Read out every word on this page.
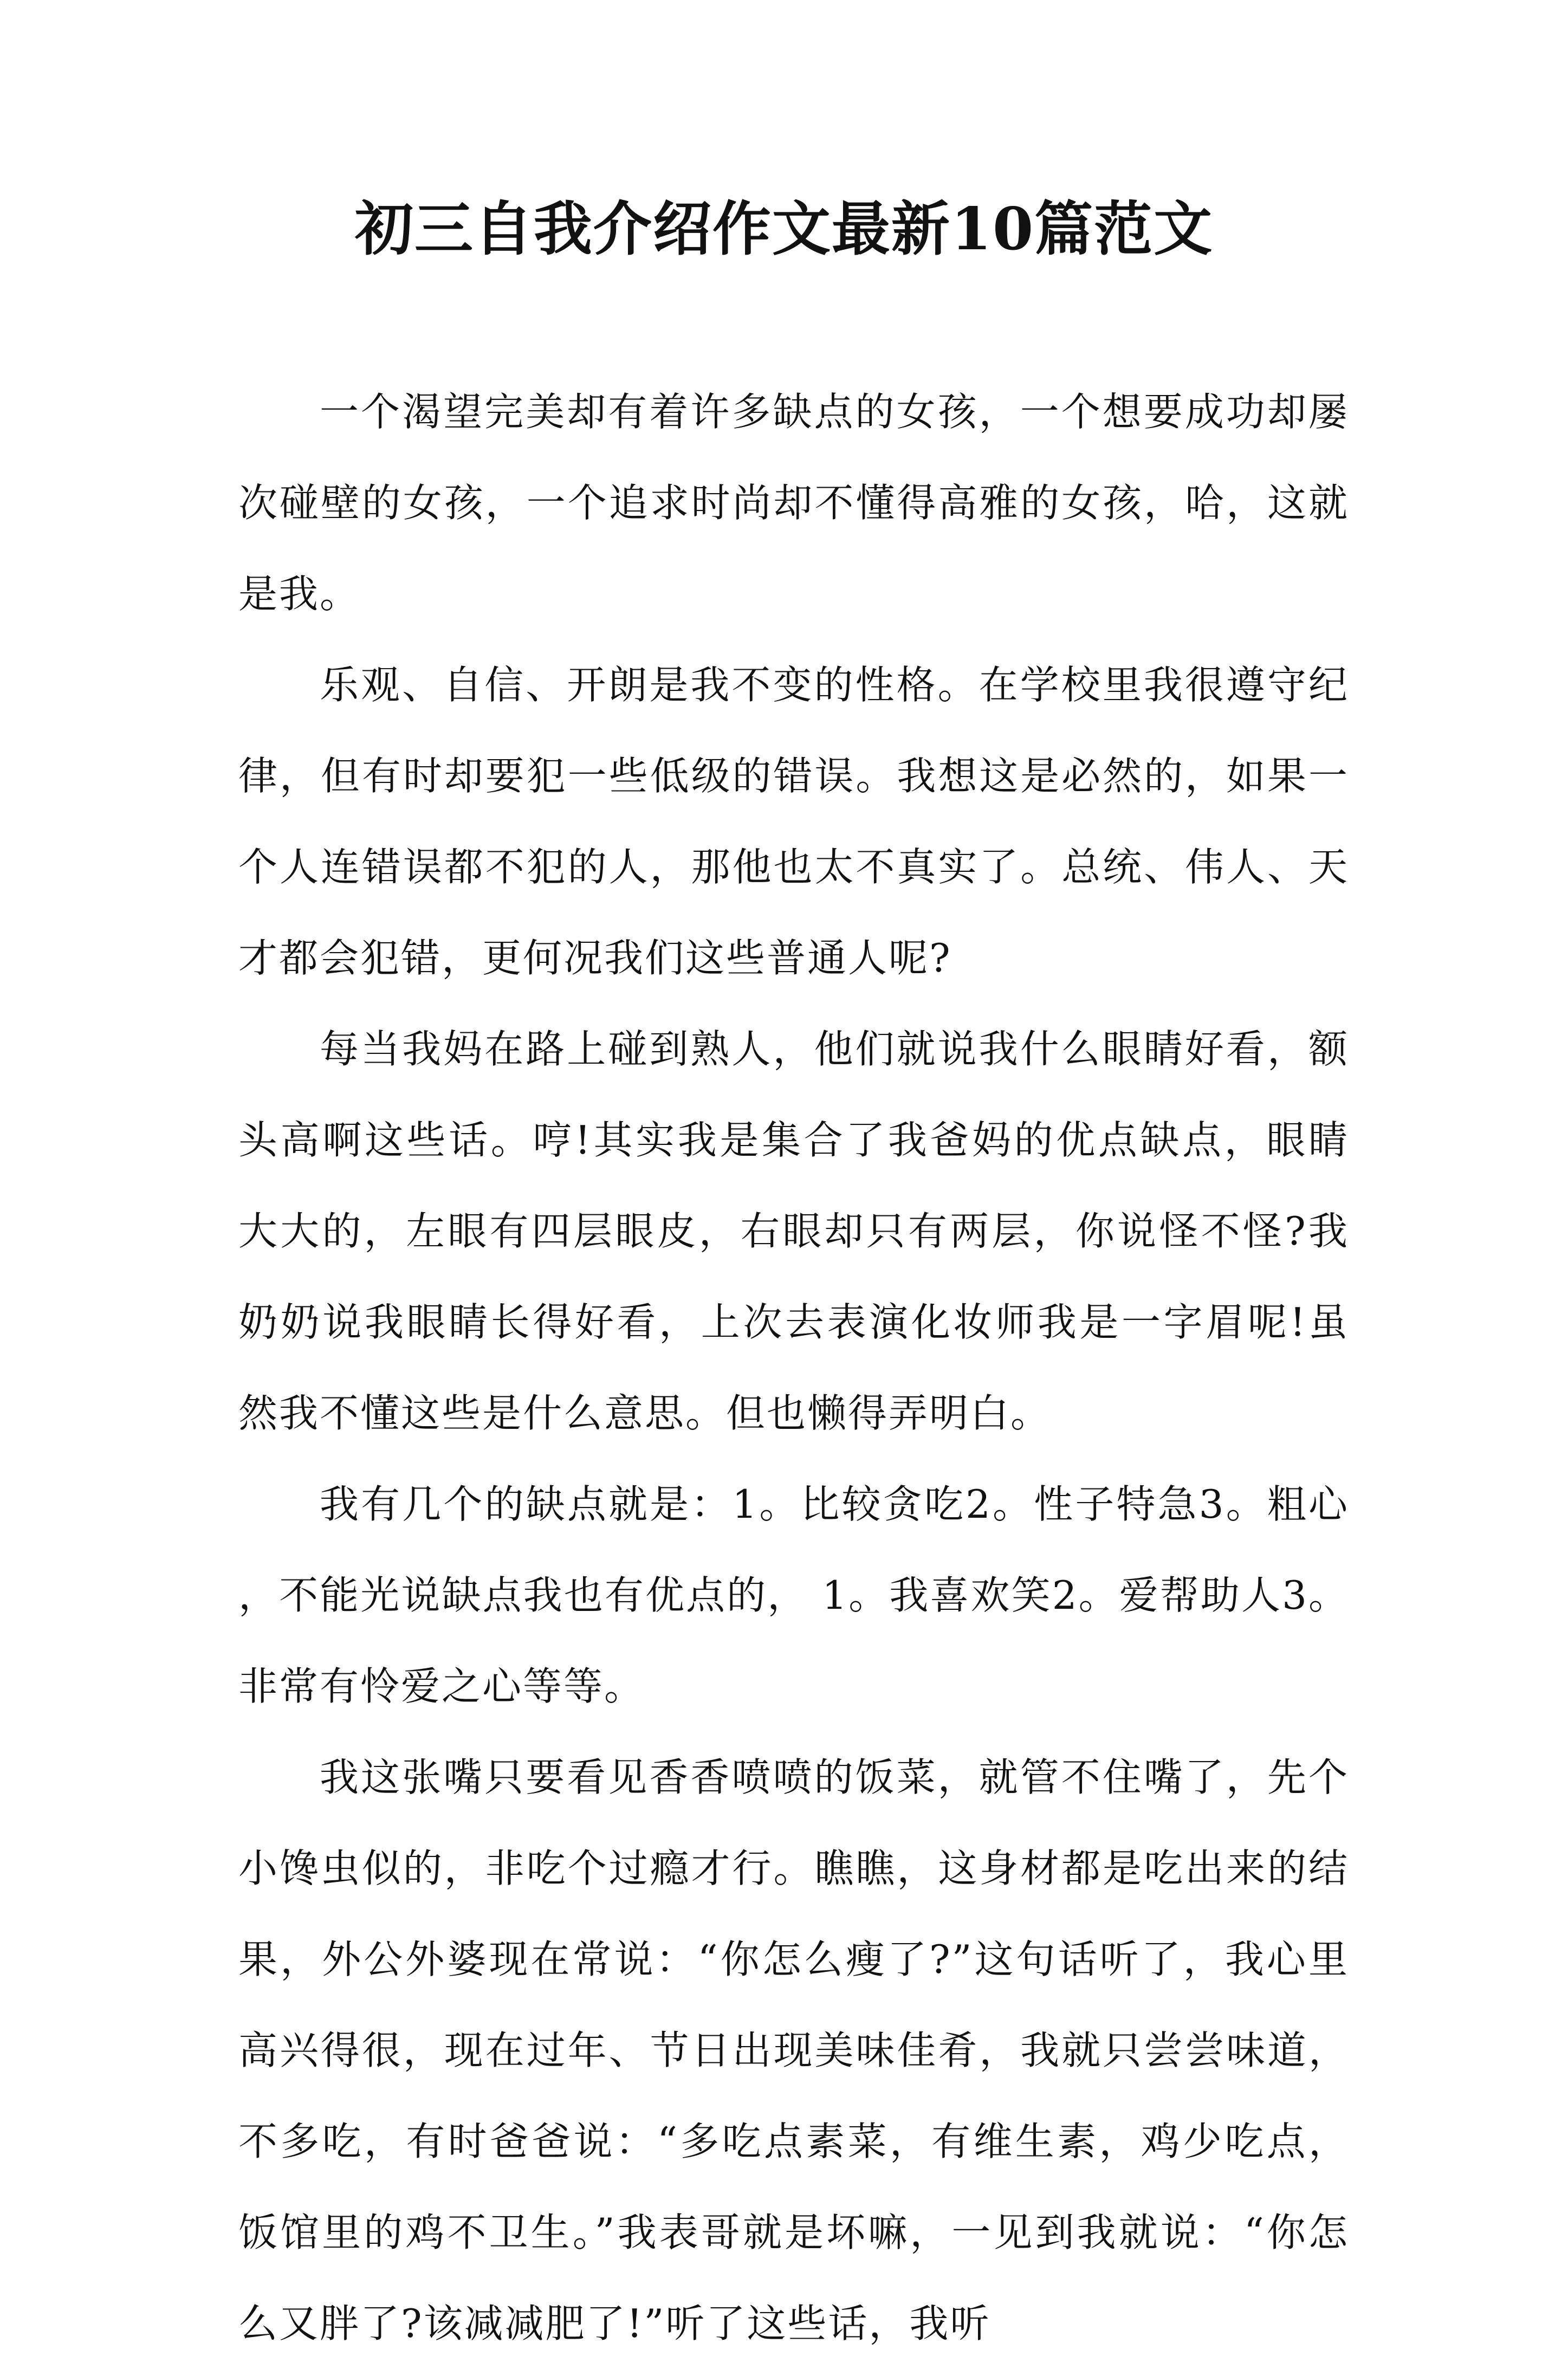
初三自我介绍作文最新10篇范文

一个渴望完美却有着许多缺点的女孩，一个想要成功却屡次碰壁的女孩，一个追求时尚却不懂得高雅的女孩，哈，这就是我。

乐观、自信、开朗是我不变的性格。在学校里我很遵守纪律，但有时却要犯一些低级的错误。我想这是必然的，如果一个人连错误都不犯的人，那他也太不真实了。总统、伟人、天才都会犯错，更何况我们这些普通人呢?

每当我妈在路上碰到熟人，他们就说我什么眼睛好看，额头高啊这些话。哼!其实我是集合了我爸妈的优点缺点，眼睛大大的，左眼有四层眼皮，右眼却只有两层，你说怪不怪?我奶奶说我眼睛长得好看，上次去表演化妆师我是一字眉呢!虽然我不懂这些是什么意思。但也懒得弄明白。

我有几个的缺点就是：1。比较贪吃2。性子特急3。粗心，不能光说缺点我也有优点的， 1。我喜欢笑2。爱帮助人3。非常有怜爱之心等等。

我这张嘴只要看见香香喷喷的饭菜，就管不住嘴了，先个小馋虫似的，非吃个过瘾才行。瞧瞧，这身材都是吃出来的结果，外公外婆现在常说：“你怎么瘦了?”这句话听了，我心里高兴得很，现在过年、节日出现美味佳肴，我就只尝尝味道，不多吃，有时爸爸说：“多吃点素菜，有维生素，鸡少吃点，饭馆里的鸡不卫生。”我表哥就是坏嘛，一见到我就说：“你怎么又胖了?该减减肥了!”听了这些话，我听
